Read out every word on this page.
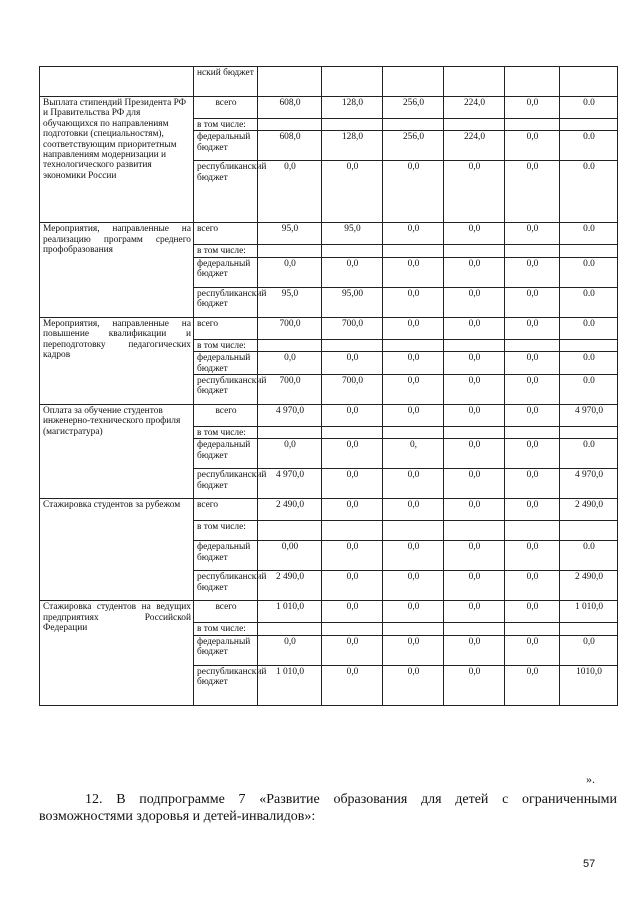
	нский бюджет						
Выплата стипендий Президента РФ и Правительства РФ для обучающихся по направлениям подготовки (специальностям), соответствующим приоритетным направлениям модернизации и технологического развития экономики России	всего	608,0	128,0	256,0	224,0	0,0	0.0
	в том числе:						
	федеральный бюджет	608,0	128,0	256,0	224,0	0,0	0.0
	республиканский бюджет	0,0	0,0	0,0	0,0	0,0	0.0
Мероприятия, направленные на реализацию программ среднего профобразования	всего	95,0	95,0	0,0	0,0	0,0	0.0
	в том числе:						
	федеральный бюджет	0,0	0,0	0,0	0,0	0,0	0.0
	республиканский бюджет	95,0	95,00	0,0	0,0	0,0	0.0
Мероприятия, направленные на повышение квалификации и переподготовку педагогических кадров	всего	700,0	700,0	0,0	0,0	0,0	0.0
	в том числе:						
	федеральный бюджет	0,0	0,0	0,0	0,0	0,0	0.0
	республиканский бюджет	700,0	700,0	0,0	0,0	0,0	0.0
Оплата за обучение студентов инженерно-технического профиля (магистратура)	всего	4 970,0	0,0	0,0	0,0	0,0	4 970,0
	в том числе:						
	федеральный бюджет	0,0	0,0	0,	0,0	0,0	0.0
	республиканский бюджет	4 970,0	0,0	0,0	0,0	0,0	4 970,0
Стажировка студентов за рубежом	всего	2 490,0	0,0	0,0	0,0	0,0	2 490,0
	в том числе:						
	федеральный бюджет	0,00	0,0	0,0	0,0	0,0	0.0
	республиканский бюджет	2 490,0	0,0	0,0	0,0	0,0	2 490,0
Стажировка студентов на ведущих предприятиях Российской Федерации	всего	1 010,0	0,0	0,0	0,0	0,0	1 010,0
	в том числе:						
	федеральный бюджет	0,0	0,0	0,0	0,0	0,0	0,0
	республиканский бюджет	1 010,0	0,0	0,0	0,0	0,0	1010,0
».
12. В подпрограмме 7 «Развитие образования для детей с ограниченными возможностями здоровья и детей-инвалидов»:
57
